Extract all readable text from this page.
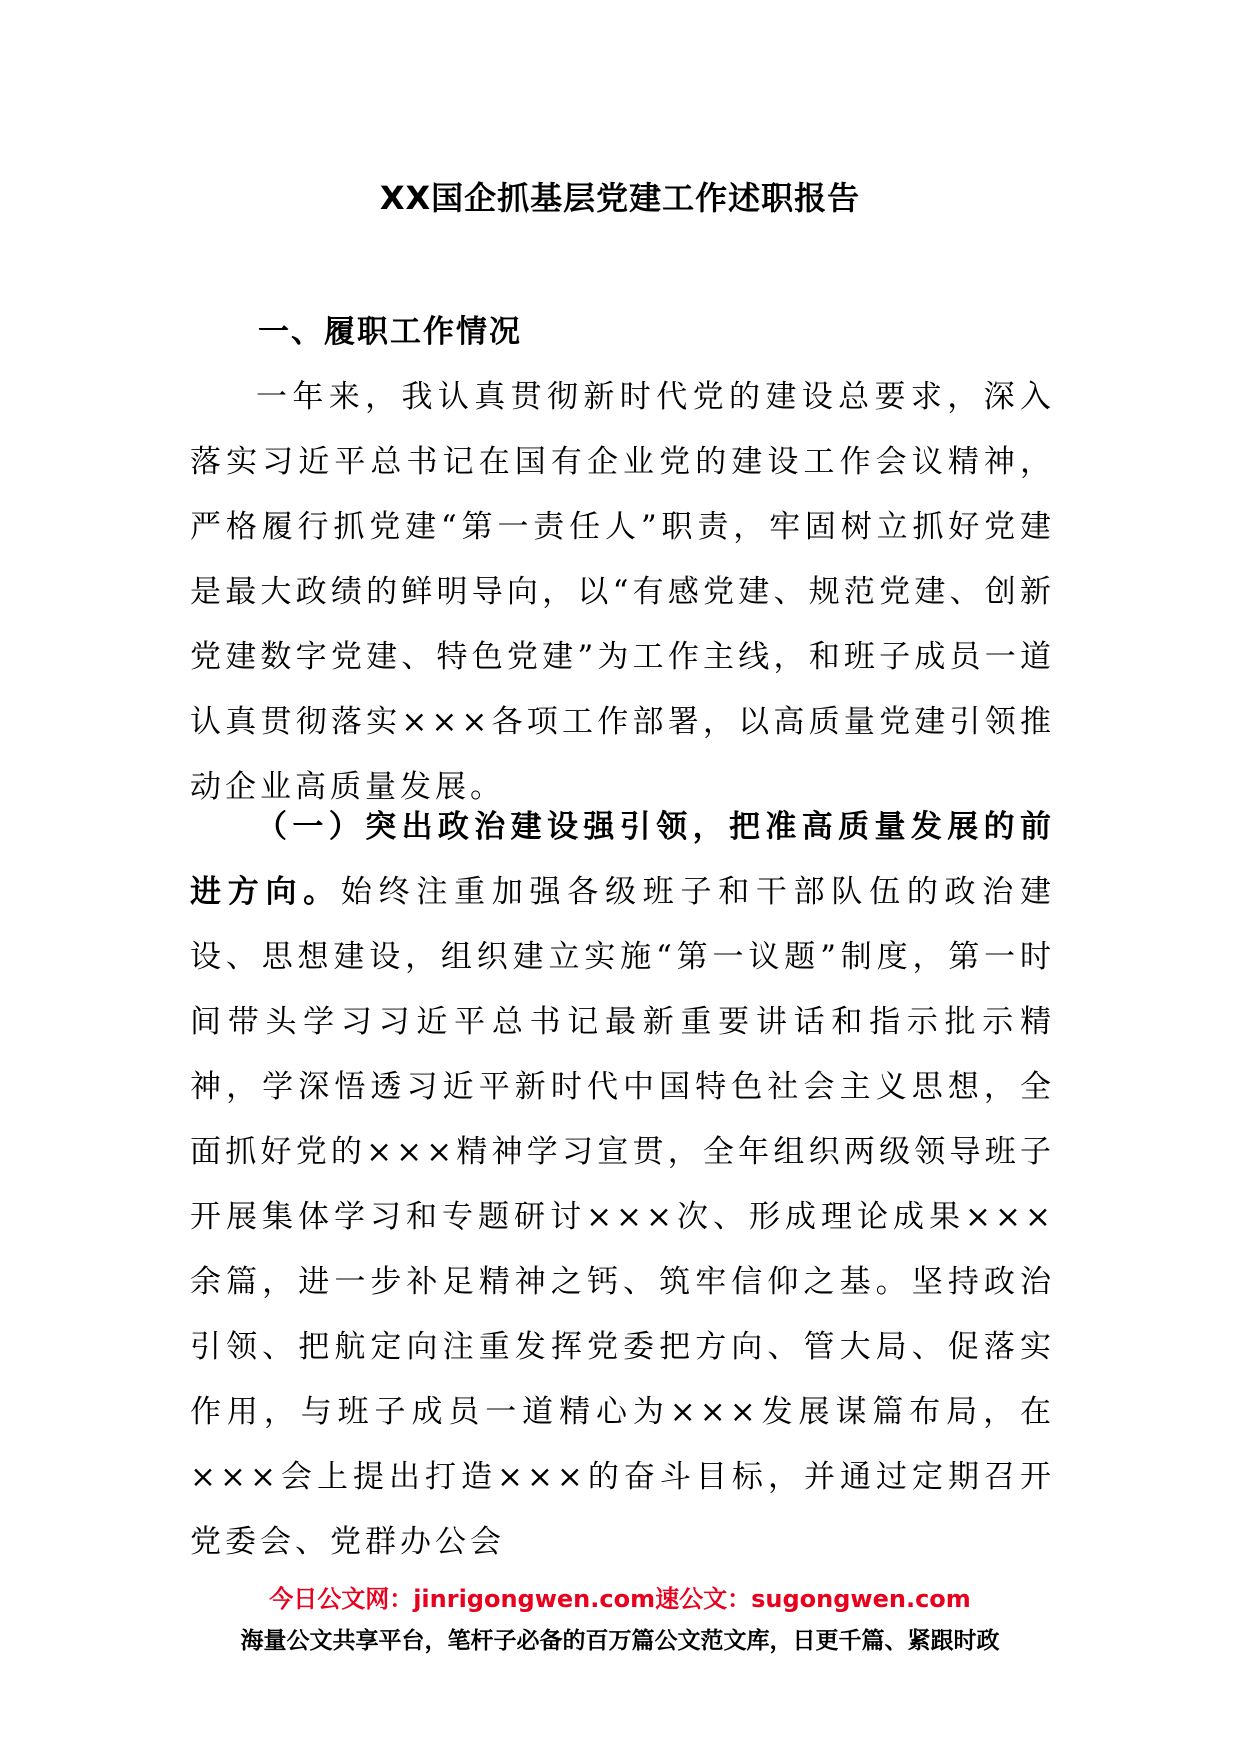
XX国企抓基层党建工作述职报告
一、履职工作情况

一年来，我认真贯彻新时代党的建设总要求，深入落实习近平总书记在国有企业党的建设工作会议精神，严格履行抓党建“第一责任人”职责，牢固树立抓好党建是最大政绩的鲜明导向，以“有感党建、规范党建、创新党建数字党建、特色党建”为工作主线，和班子成员一道认真贯彻落实×××各项工作部署，以高质量党建引领推动企业高质量发展。

（一）突出政治建设强引领，把准高质量发展的前进方向。始终注重加强各级班子和干部队伍的政治建设、思想建设，组织建立实施“第一议题”制度，第一时间带头学习习近平总书记最新重要讲话和指示批示精神，学深悟透习近平新时代中国特色社会主义思想，全面抓好党的×××精神学习宣贯，全年组织两级领导班子开展集体学习和专题研讨×××次、形成理论成果×××余篇，进一步补足精神之钙、筑牢信仰之基。坚持政治引领、把航定向注重发挥党委把方向、管大局、促落实作用，与班子成员一道精心为×××发展谋篇布局，在×××会上提出打造×××的奋斗目标，并通过定期召开党委会、党群办公会

今日公文网：jinrigongwen.com速公文：sugongwen.com
海量公文共享平台，笔杆子必备的百万篇公文范文库，日更千篇、紧跟时政
